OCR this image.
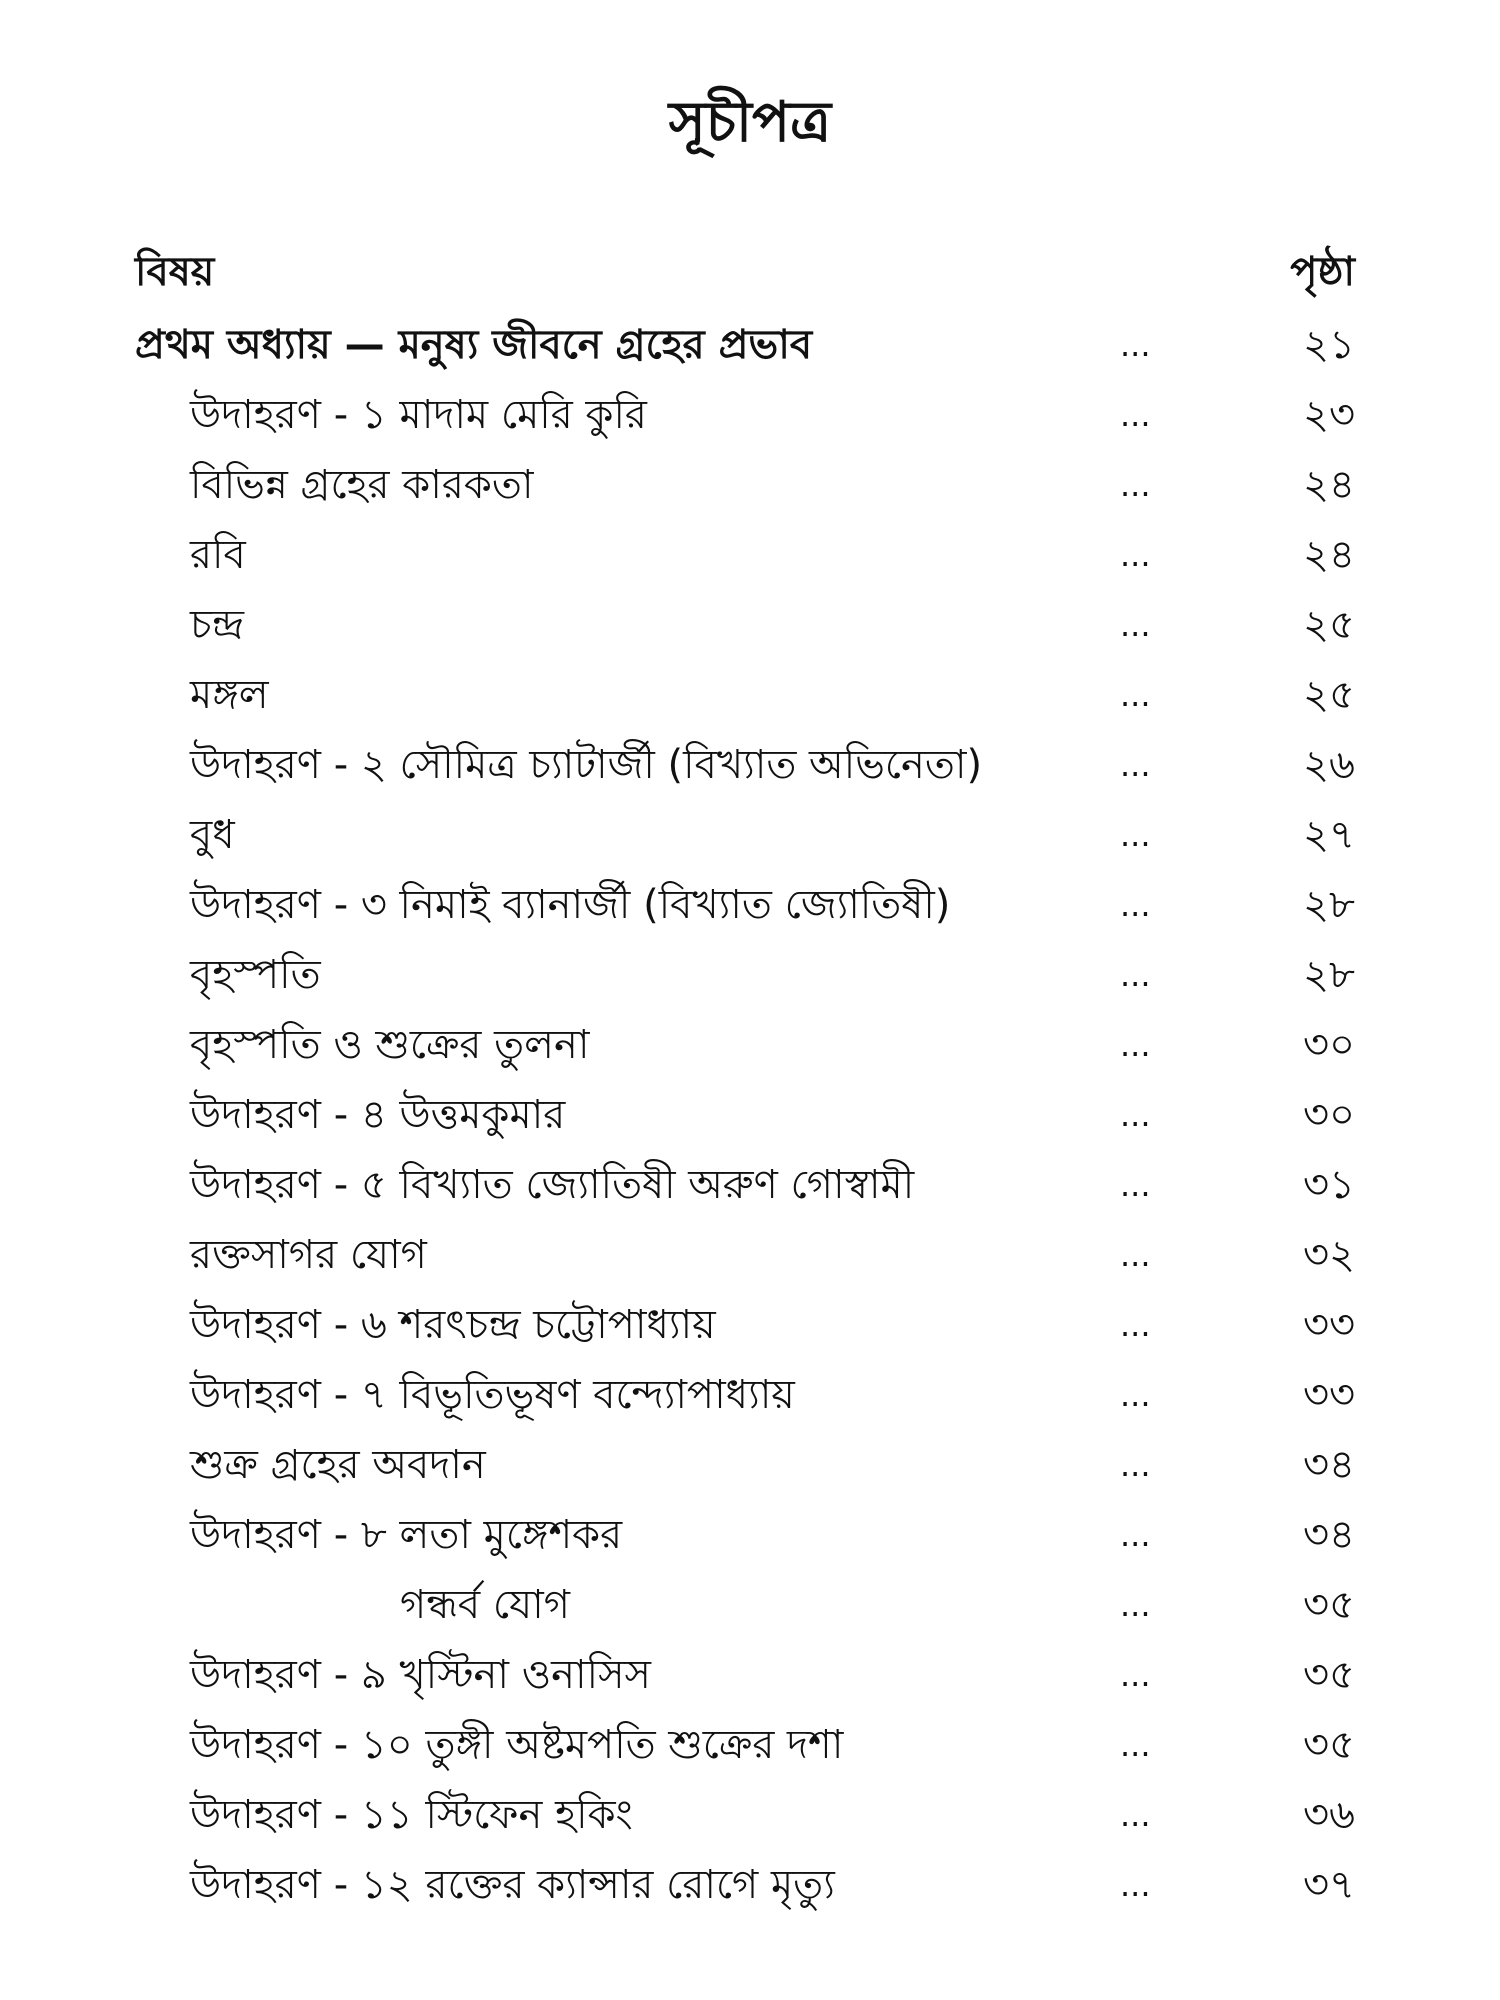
সূচীপত্র
বিষয়	পৃষ্ঠা
প্রথম অধ্যায় — মনুষ্য জীবনে গ্রহের প্রভাব	...	২১
উদাহরণ - ১ মাদাম মেরি কুরি	...	২৩
বিভিন্ন গ্রহের কারকতা	...	২৪
রবি	...	২৪
চন্দ্র	...	২৫
মঙ্গল	...	২৫
উদাহরণ - ২ সৌমিত্র চ্যাটার্জী (বিখ্যাত অভিনেতা)	...	২৬
বুধ	...	২৭
উদাহরণ - ৩ নিমাই ব্যানার্জী (বিখ্যাত জ্যোতিষী)	...	২৮
বৃহস্পতি	...	২৮
বৃহস্পতি ও শুক্রের তুলনা	...	৩০
উদাহরণ - ৪ উত্তমকুমার	...	৩০
উদাহরণ - ৫ বিখ্যাত জ্যোতিষী অরুণ গোস্বামী	...	৩১
রক্তসাগর যোগ	...	৩২
উদাহরণ - ৬ শরৎচন্দ্র চট্টোপাধ্যায়	...	৩৩
উদাহরণ - ৭ বিভূতিভূষণ বন্দ্যোপাধ্যায়	...	৩৩
শুক্র গ্রহের অবদান	...	৩৪
উদাহরণ - ৮ লতা মুঙ্গেশকর	...	৩৪
গন্ধর্ব যোগ	...	৩৫
উদাহরণ - ৯ খৃস্টিনা ওনাসিস	...	৩৫
উদাহরণ - ১০ তুঙ্গী অষ্টমপতি শুক্রের দশা	...	৩৫
উদাহরণ - ১১ স্টিফেন হকিং	...	৩৬
উদাহরণ - ১২ রক্তের ক্যান্সার রোগে মৃত্যু	...	৩৭
